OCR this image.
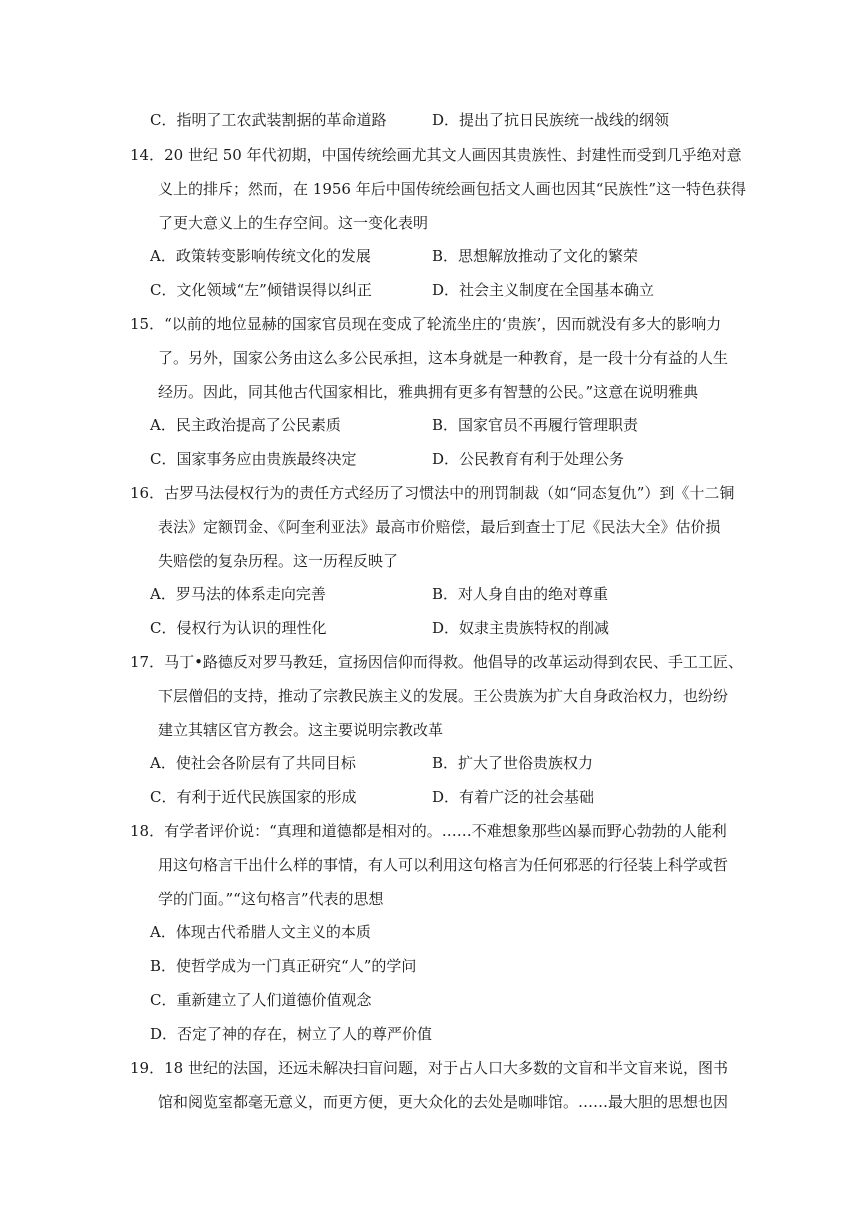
C．指明了工农武装割据的革命道路	D．提出了抗日民族统一战线的纲领
14．20 世纪 50 年代初期，中国传统绘画尤其文人画因其贵族性、封建性而受到几乎绝对意
义上的排斥；然而，在 1956 年后中国传统绘画包括文人画也因其“民族性”这一特色获得
了更大意义上的生存空间。这一变化表明
A．政策转变影响传统文化的发展	B．思想解放推动了文化的繁荣
C．文化领域“左”倾错误得以纠正	D．社会主义制度在全国基本确立
15．“以前的地位显赫的国家官员现在变成了轮流坐庄的‘贵族’，因而就没有多大的影响力
了。另外，国家公务由这么多公民承担，这本身就是一种教育，是一段十分有益的人生
经历。因此，同其他古代国家相比，雅典拥有更多有智慧的公民。”这意在说明雅典
A．民主政治提高了公民素质	B．国家官员不再履行管理职责
C．国家事务应由贵族最终决定	D．公民教育有利于处理公务
16．古罗马法侵权行为的责任方式经历了习惯法中的刑罚制裁（如“同态复仇”）到《十二铜
表法》定额罚金、《阿奎利亚法》最高市价赔偿，最后到查士丁尼《民法大全》估价损
失赔偿的复杂历程。这一历程反映了
A．罗马法的体系走向完善	B．对人身自由的绝对尊重
C．侵权行为认识的理性化	D．奴隶主贵族特权的削减
17．马丁•路德反对罗马教廷，宣扬因信仰而得救。他倡导的改革运动得到农民、手工工匠、
下层僧侣的支持，推动了宗教民族主义的发展。王公贵族为扩大自身政治权力，也纷纷
建立其辖区官方教会。这主要说明宗教改革
A．使社会各阶层有了共同目标	B．扩大了世俗贵族权力
C．有利于近代民族国家的形成	D．有着广泛的社会基础
18．有学者评价说：“真理和道德都是相对的。……不难想象那些凶暴而野心勃勃的人能利
用这句格言干出什么样的事情，有人可以利用这句格言为任何邪恶的行径装上科学或哲
学的门面。”“这句格言”代表的思想
A．体现古代希腊人文主义的本质
B．使哲学成为一门真正研究“人”的学问
C．重新建立了人们道德价值观念
D．否定了神的存在，树立了人的尊严价值
19．18 世纪的法国，还远未解决扫盲问题，对于占人口大多数的文盲和半文盲来说，图书
馆和阅览室都毫无意义，而更方便，更大众化的去处是咖啡馆。……最大胆的思想也因
